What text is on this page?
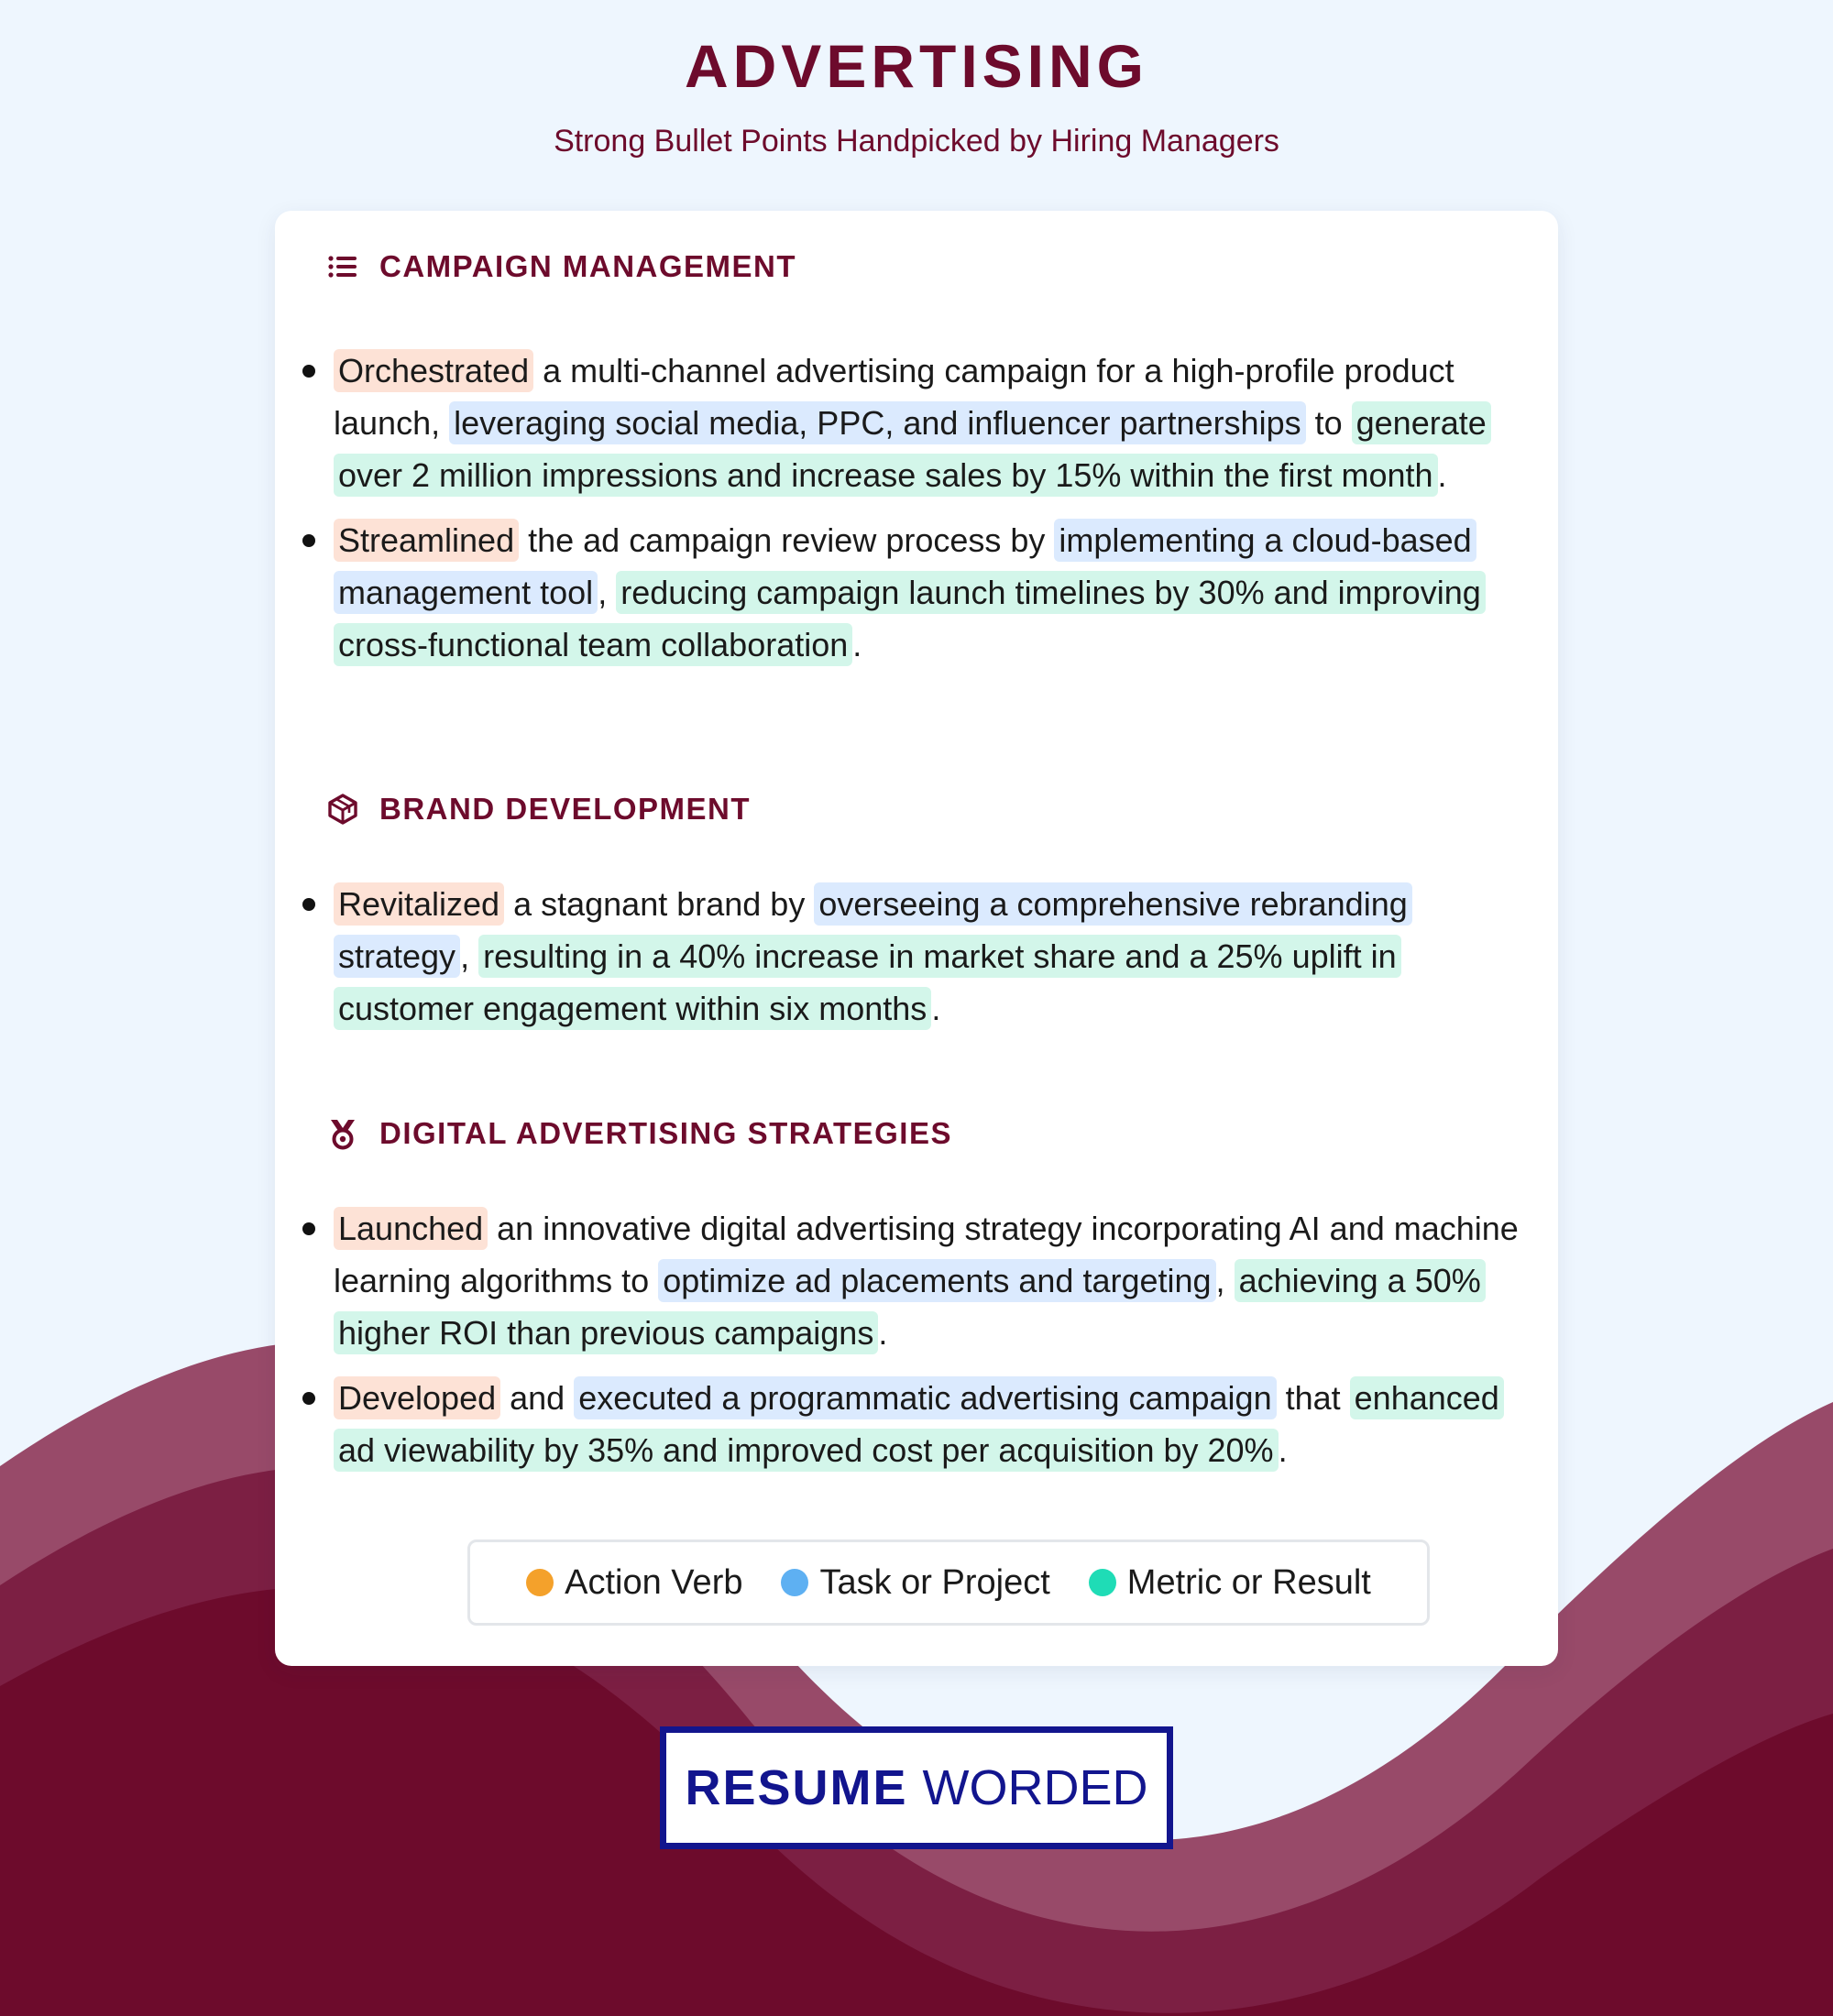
ADVERTISING
Strong Bullet Points Handpicked by Hiring Managers
CAMPAIGN MANAGEMENT
Orchestrated a multi-channel advertising campaign for a high-profile product launch, leveraging social media, PPC, and influencer partnerships to generate over 2 million impressions and increase sales by 15% within the first month .
Streamlined the ad campaign review process by implementing a cloud-based management tool , reducing campaign launch timelines by 30% and improving cross-functional team collaboration .
BRAND DEVELOPMENT
Revitalized a stagnant brand by overseeing a comprehensive rebranding strategy , resulting in a 40% increase in market share and a 25% uplift in customer engagement within six months .
DIGITAL ADVERTISING STRATEGIES
Launched an innovative digital advertising strategy incorporating AI and machine learning algorithms to optimize ad placements and targeting , achieving a 50% higher ROI than previous campaigns .
Developed and executed a programmatic advertising campaign that enhanced ad viewability by 35% and improved cost per acquisition by 20% .
Action Verb Task or Project Metric or Result
RESUME WORDED
